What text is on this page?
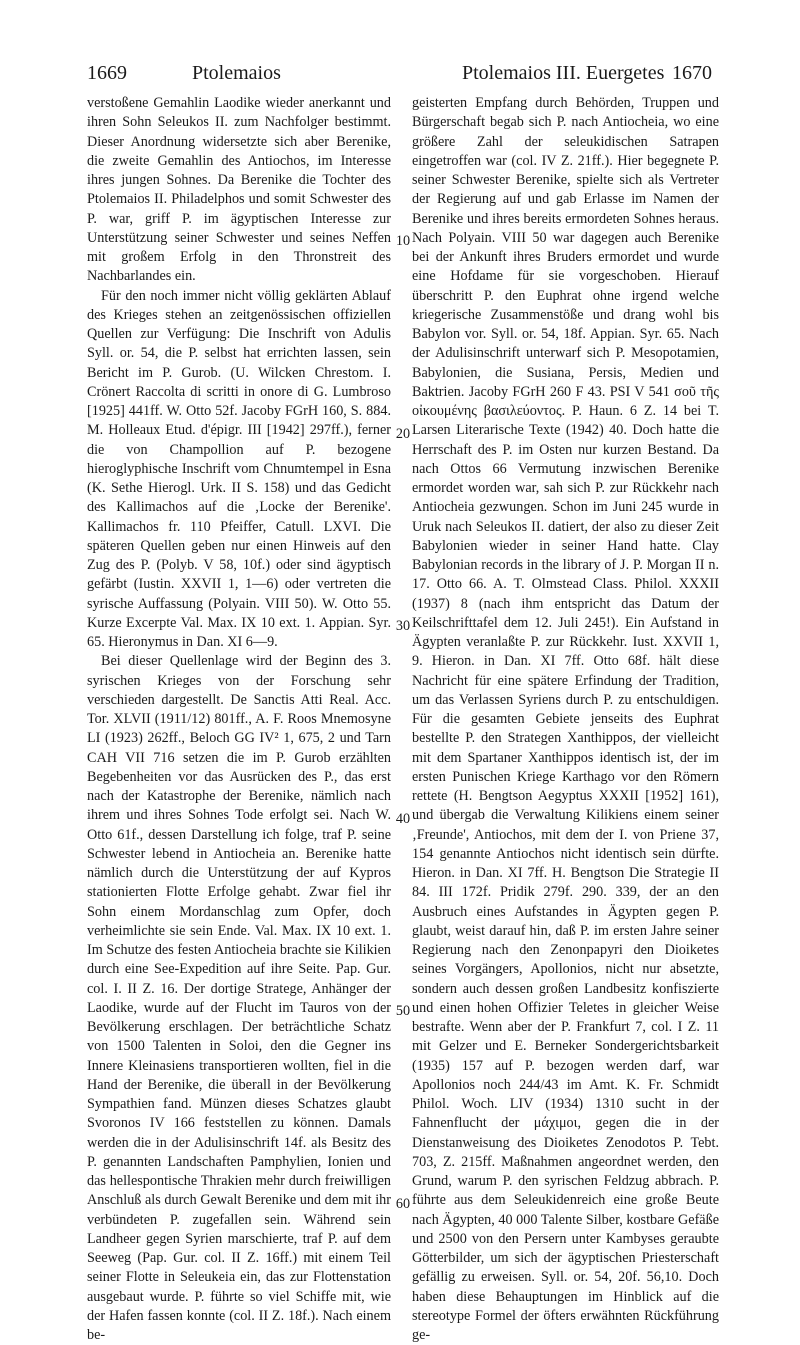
1669	Ptolemaios	Ptolemaios III. Euergetes 1670

verstoßene Gemahlin Laodike wieder anerkannt und ihren Sohn Seleukos II. zum Nachfolger bestimmt. Dieser Anordnung widersetzte sich aber Berenike, die zweite Gemahlin des Antiochos, im Interesse ihres jungen Sohnes. Da Berenike die Tochter des Ptolemaios II. Philadelphos und somit Schwester des P. war, griff P. im ägyptischen Interesse zur Unterstützung seiner Schwester und seines Neffen mit großem Erfolg in den Thronstreit des Nachbarlandes ein.

Für den noch immer nicht völlig geklärten Ablauf des Krieges stehen an zeitgenössischen offiziellen Quellen zur Verfügung: Die Inschrift von Adulis Syll. or. 54, die P. selbst hat errichten lassen, sein Bericht im P. Gurob. (U. Wilcken Chrestom. I. Crönert Raccolta di scritti in onore di G. Lumbroso [1925] 441ff. W. Otto 52f. Jacoby FGrH 160, S. 884. M. Holleaux Etud. d'épigr. III [1942] 297ff.), ferner die von Champollion auf P. bezogene hieroglyphische Inschrift vom Chnumtempel in Esna (K. Sethe Hierogl. Urk. II S. 158) und das Gedicht des Kallimachos auf die ‚Locke der Berenike'. Kallimachos fr. 110 Pfeiffer, Catull. LXVI. Die späteren Quellen geben nur einen Hinweis auf den Zug des P. (Polyb. V 58, 10f.) oder sind ägyptisch gefärbt (Iustin. XXVII 1, 1—6) oder vertreten die syrische Auffassung (Polyain. VIII 50). W. Otto 55. Kurze Excerpte Val. Max. IX 10 ext. 1. Appian. Syr. 65. Hieronymus in Dan. XI 6—9.

Bei dieser Quellenlage wird der Beginn des 3. syrischen Krieges von der Forschung sehr verschieden dargestellt. De Sanctis Atti Real. Acc. Tor. XLVII (1911/12) 801ff., A. F. Roos Mnemosyne LI (1923) 262ff., Beloch GG IV² 1, 675, 2 und Tarn CAH VII 716 setzen die im P. Gurob erzählten Begebenheiten vor das Ausrücken des P., das erst nach der Katastrophe der Berenike, nämlich nach ihrem und ihres Sohnes Tode erfolgt sei. Nach W. Otto 61f., dessen Darstellung ich folge, traf P. seine Schwester lebend in Antiocheia an. Berenike hatte nämlich durch die Unterstützung der auf Kypros stationierten Flotte Erfolge gehabt. Zwar fiel ihr Sohn einem Mordanschlag zum Opfer, doch verheimlichte sie sein Ende. Val. Max. IX 10 ext. 1. Im Schutze des festen Antiocheia brachte sie Kilikien durch eine See-Expedition auf ihre Seite. Pap. Gur. col. I. II Z. 16. Der dortige Stratege, Anhänger der Laodike, wurde auf der Flucht im Tauros von der Bevölkerung erschlagen. Der beträchtliche Schatz von 1500 Talenten in Soloi, den die Gegner ins Innere Kleinasiens transportieren wollten, fiel in die Hand der Berenike, die überall in der Bevölkerung Sympathien fand. Münzen dieses Schatzes glaubt Svoronos IV 166 feststellen zu können. Damals werden die in der Adulisinschrift 14f. als Besitz des P. genannten Landschaften Pamphylien, Ionien und das hellespontische Thrakien mehr durch freiwilligen Anschluß als durch Gewalt Berenike und dem mit ihr verbündeten P. zugefallen sein. Während sein Landheer gegen Syrien marschierte, traf P. auf dem Seeweg (Pap. Gur. col. II Z. 16ff.) mit einem Teil seiner Flotte in Seleukeia ein, das zur Flottenstation ausgebaut wurde. P. führte so viel Schiffe mit, wie der Hafen fassen konnte (col. II Z. 18f.). Nach einem be-

geisterten Empfang durch Behörden, Truppen und Bürgerschaft begab sich P. nach Antiocheia, wo eine größere Zahl der seleukidischen Satrapen eingetroffen war (col. IV Z. 21ff.). Hier begegnete P. seiner Schwester Berenike, spielte sich als Vertreter der Regierung auf und gab Erlasse im Namen der Berenike und ihres bereits ermordeten Sohnes heraus. Nach Polyain. VIII 50 war dagegen auch Berenike bei der Ankunft ihres Bruders ermordet und wurde eine Hofdame für sie vorgeschoben. Hierauf überschritt P. den Euphrat ohne irgend welche kriegerische Zusammenstöße und drang wohl bis Babylon vor. Syll. or. 54, 18f. Appian. Syr. 65. Nach der Adulisinschrift unterwarf sich P. Mesopotamien, Babylonien, die Susiana, Persis, Medien und Baktrien. Jacoby FGrH 260 F 43. PSI V 541 σοῦ τῆς οἰκουμένης βασιλεύοντος. P. Haun. 6 Z. 14 bei T. Larsen Literarische Texte (1942) 40. Doch hatte die Herrschaft des P. im Osten nur kurzen Bestand. Da nach Ottos 66 Vermutung inzwischen Berenike ermordet worden war, sah sich P. zur Rückkehr nach Antiocheia gezwungen. Schon im Juni 245 wurde in Uruk nach Seleukos II. datiert, der also zu dieser Zeit Babylonien wieder in seiner Hand hatte. Clay Babylonian records in the library of J. P. Morgan II n. 17. Otto 66. A. T. Olmstead Class. Philol. XXXII (1937) 8 (nach ihm entspricht das Datum der Keilschrifttafel dem 12. Juli 245!). Ein Aufstand in Ägypten veranlaßte P. zur Rückkehr. Iust. XXVII 1, 9. Hieron. in Dan. XI 7ff. Otto 68f. hält diese Nachricht für eine spätere Erfindung der Tradition, um das Verlassen Syriens durch P. zu entschuldigen. Für die gesamten Gebiete jenseits des Euphrat bestellte P. den Strategen Xanthippos, der vielleicht mit dem Spartaner Xanthippos identisch ist, der im ersten Punischen Kriege Karthago vor den Römern rettete (H. Bengtson Aegyptus XXXII [1952] 161), und übergab die Verwaltung Kilikiens einem seiner ‚Freunde', Antiochos, mit dem der I. von Priene 37, 154 genannte Antiochos nicht identisch sein dürfte. Hieron. in Dan. XI 7ff. H. Bengtson Die Strategie II 84. III 172f. Pridik 279f. 290. 339, der an den Ausbruch eines Aufstandes in Ägypten gegen P. glaubt, weist darauf hin, daß P. im ersten Jahre seiner Regierung nach den Zenonpapyri den Dioiketes seines Vorgängers, Apollonios, nicht nur absetzte, sondern auch dessen großen Landbesitz konfiszierte und einen hohen Offizier Teletes in gleicher Weise bestrafte. Wenn aber der P. Frankfurt 7, col. I Z. 11 mit Gelzer und E. Berneker Sondergerichtsbarkeit (1935) 157 auf P. bezogen werden darf, war Apollonios noch 244/43 im Amt. K. Fr. Schmidt Philol. Woch. LIV (1934) 1310 sucht in der Fahnenflucht der μάχιμοι, gegen die in der Dienstanweisung des Dioiketes Zenodotos P. Tebt. 703, Z. 215ff. Maßnahmen angeordnet werden, den Grund, warum P. den syrischen Feldzug abbrach. P. führte aus dem Seleukidenreich eine große Beute nach Ägypten, 40 000 Talente Silber, kostbare Gefäße und 2500 von den Persern unter Kambyses geraubte Götterbilder, um sich der ägyptischen Priesterschaft gefällig zu erweisen. Syll. or. 54, 20f. 56,10. Doch haben diese Behauptungen im Hinblick auf die stereotype Formel der öfters erwähnten Rückführung ge-

10
20
30
40
50
60
